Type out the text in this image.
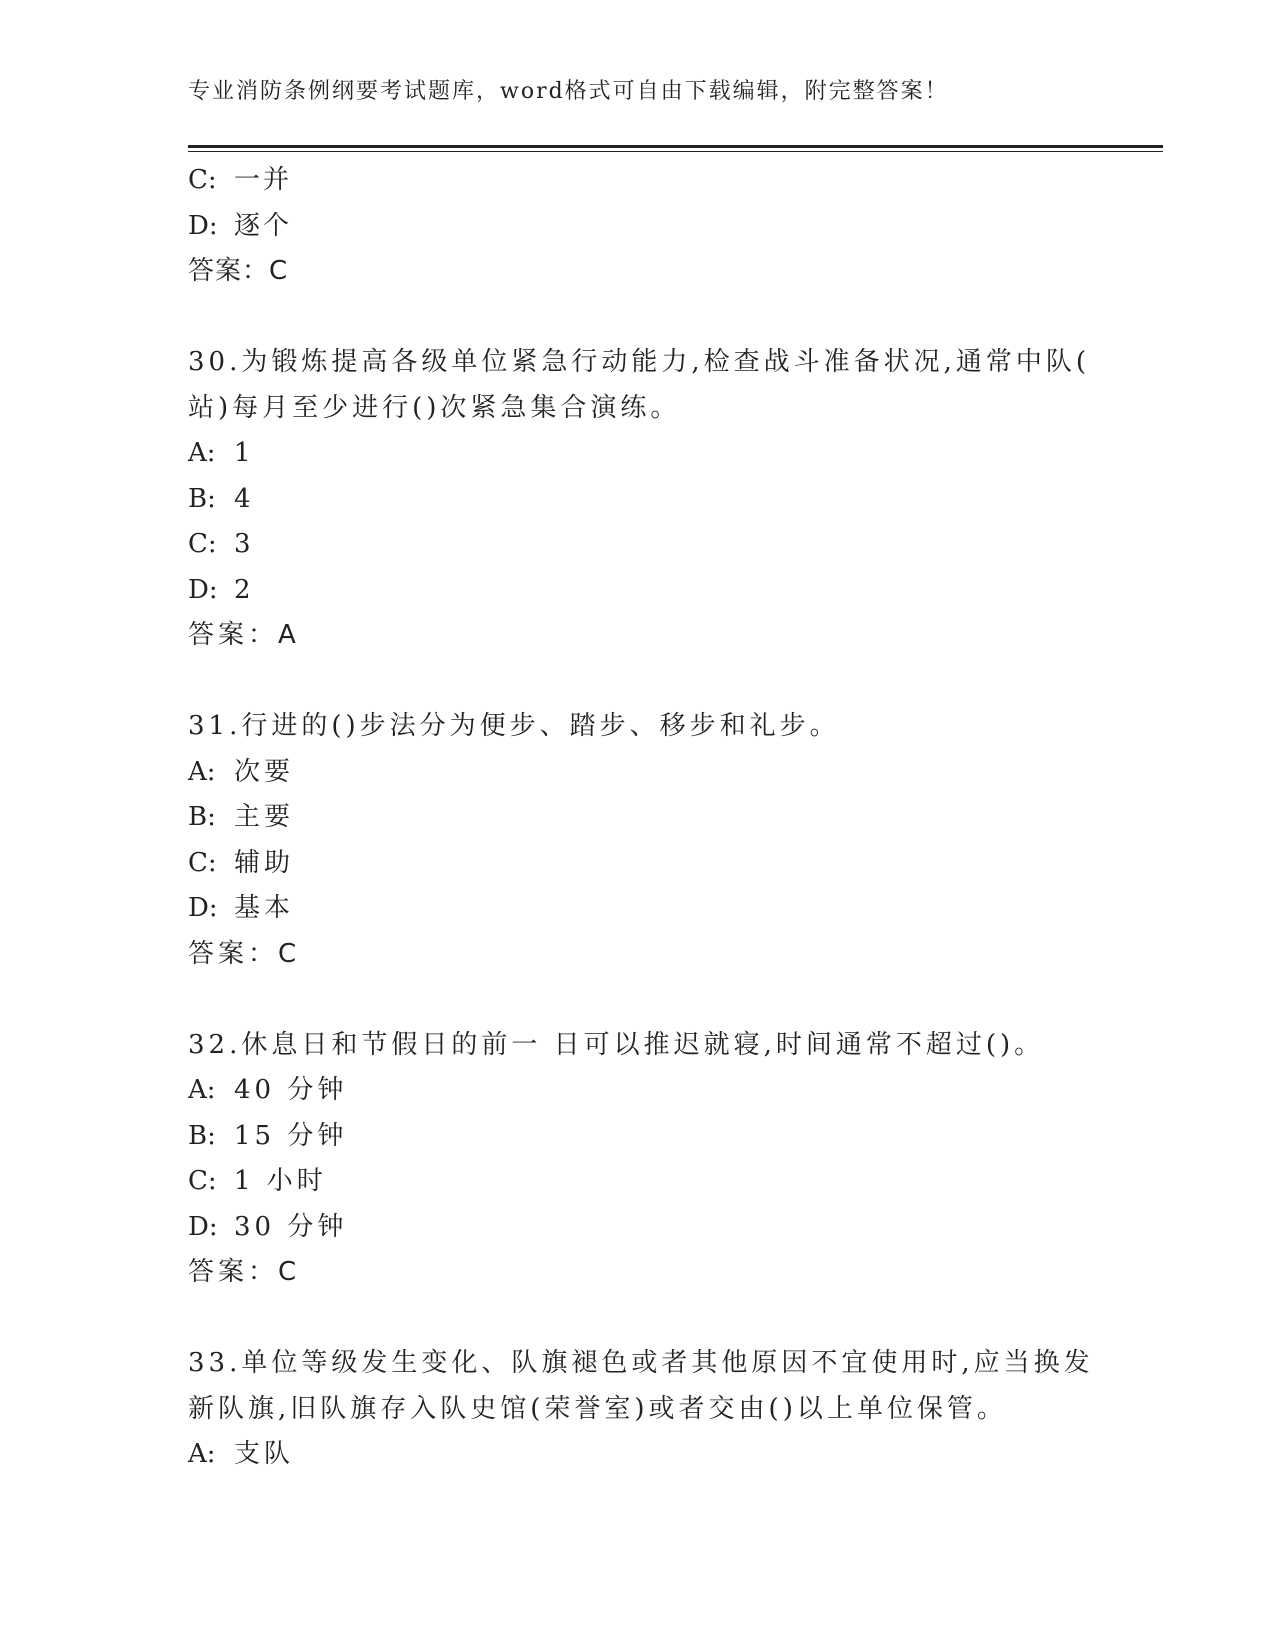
专业消防条例纲要考试题库，word格式可自由下载编辑，附完整答案！
C: 一并
D: 逐个
答案：C
30.为锻炼提高各级单位紧急行动能力,检查战斗准备状况,通常中队(
站)每月至少进行()次紧急集合演练。
A: 1
B: 4
C: 3
D: 2
答案：A
31.行进的()步法分为便步、踏步、移步和礼步。
A: 次要
B: 主要
C: 辅助
D: 基本
答案：C
32.休息日和节假日的前一 日可以推迟就寝,时间通常不超过()。
A: 40 分钟
B: 15 分钟
C: 1 小时
D: 30 分钟
答案：C
33.单位等级发生变化、队旗褪色或者其他原因不宜使用时,应当换发
新队旗,旧队旗存入队史馆(荣誉室)或者交由()以上单位保管。
A: 支队
